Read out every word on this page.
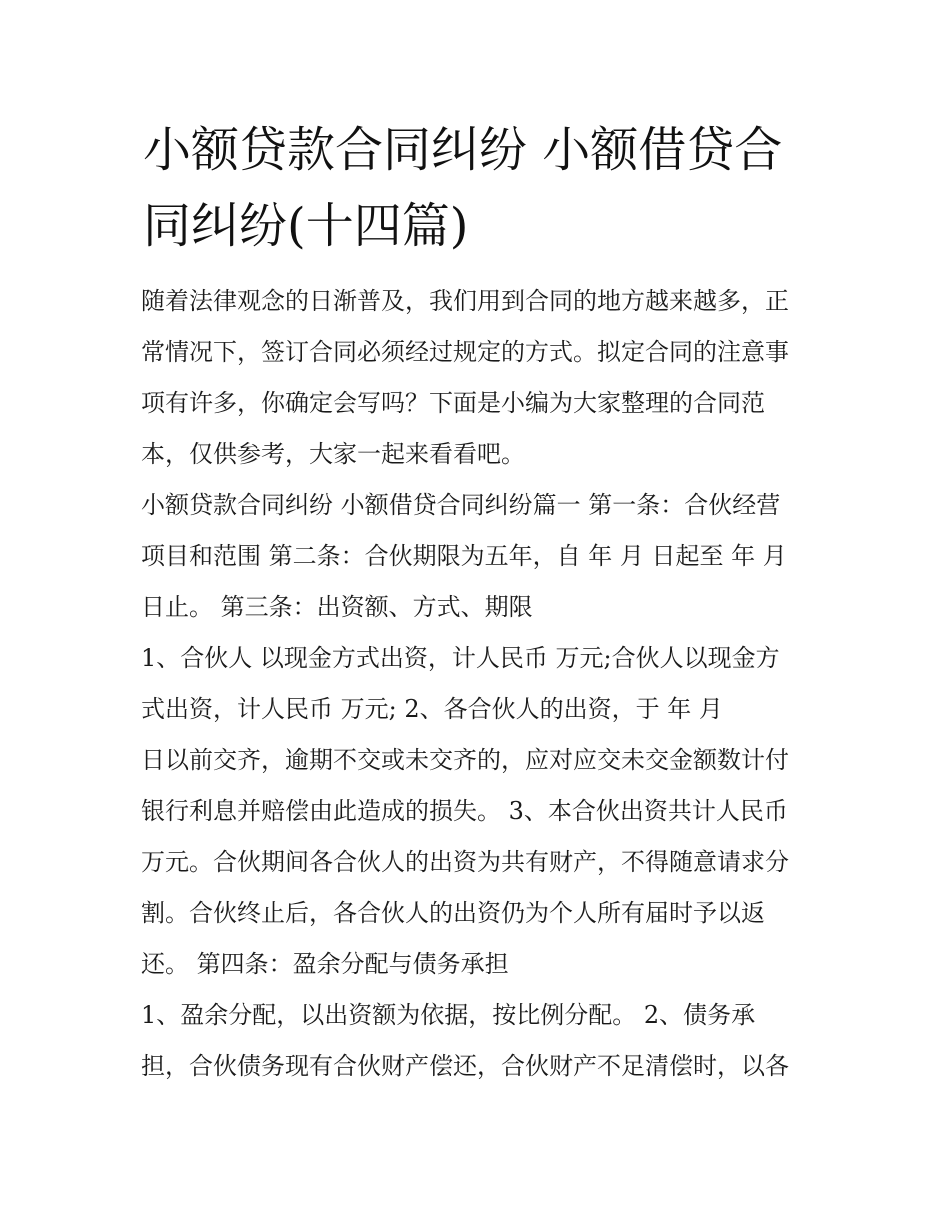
小额贷款合同纠纷 小额借贷合
同纠纷(十四篇)
随着法律观念的日渐普及，我们用到合同的地方越来越多，正
常情况下，签订合同必须经过规定的方式。拟定合同的注意事
项有许多，你确定会写吗？下面是小编为大家整理的合同范
本，仅供参考，大家一起来看看吧。
小额贷款合同纠纷 小额借贷合同纠纷篇一 第一条：合伙经营
项目和范围 第二条：合伙期限为五年，自 年 月 日起至 年 月
日止。 第三条：出资额、方式、期限
1、合伙人 以现金方式出资，计人民币 万元;合伙人以现金方
式出资，计人民币 万元; 2、各合伙人的出资，于 年 月
日以前交齐，逾期不交或未交齐的，应对应交未交金额数计付
银行利息并赔偿由此造成的损失。 3、本合伙出资共计人民币
万元。合伙期间各合伙人的出资为共有财产，不得随意请求分
割。合伙终止后，各合伙人的出资仍为个人所有届时予以返
还。 第四条：盈余分配与债务承担
1、盈余分配，以出资额为依据，按比例分配。 2、债务承
担，合伙债务现有合伙财产偿还，合伙财产不足清偿时，以各
